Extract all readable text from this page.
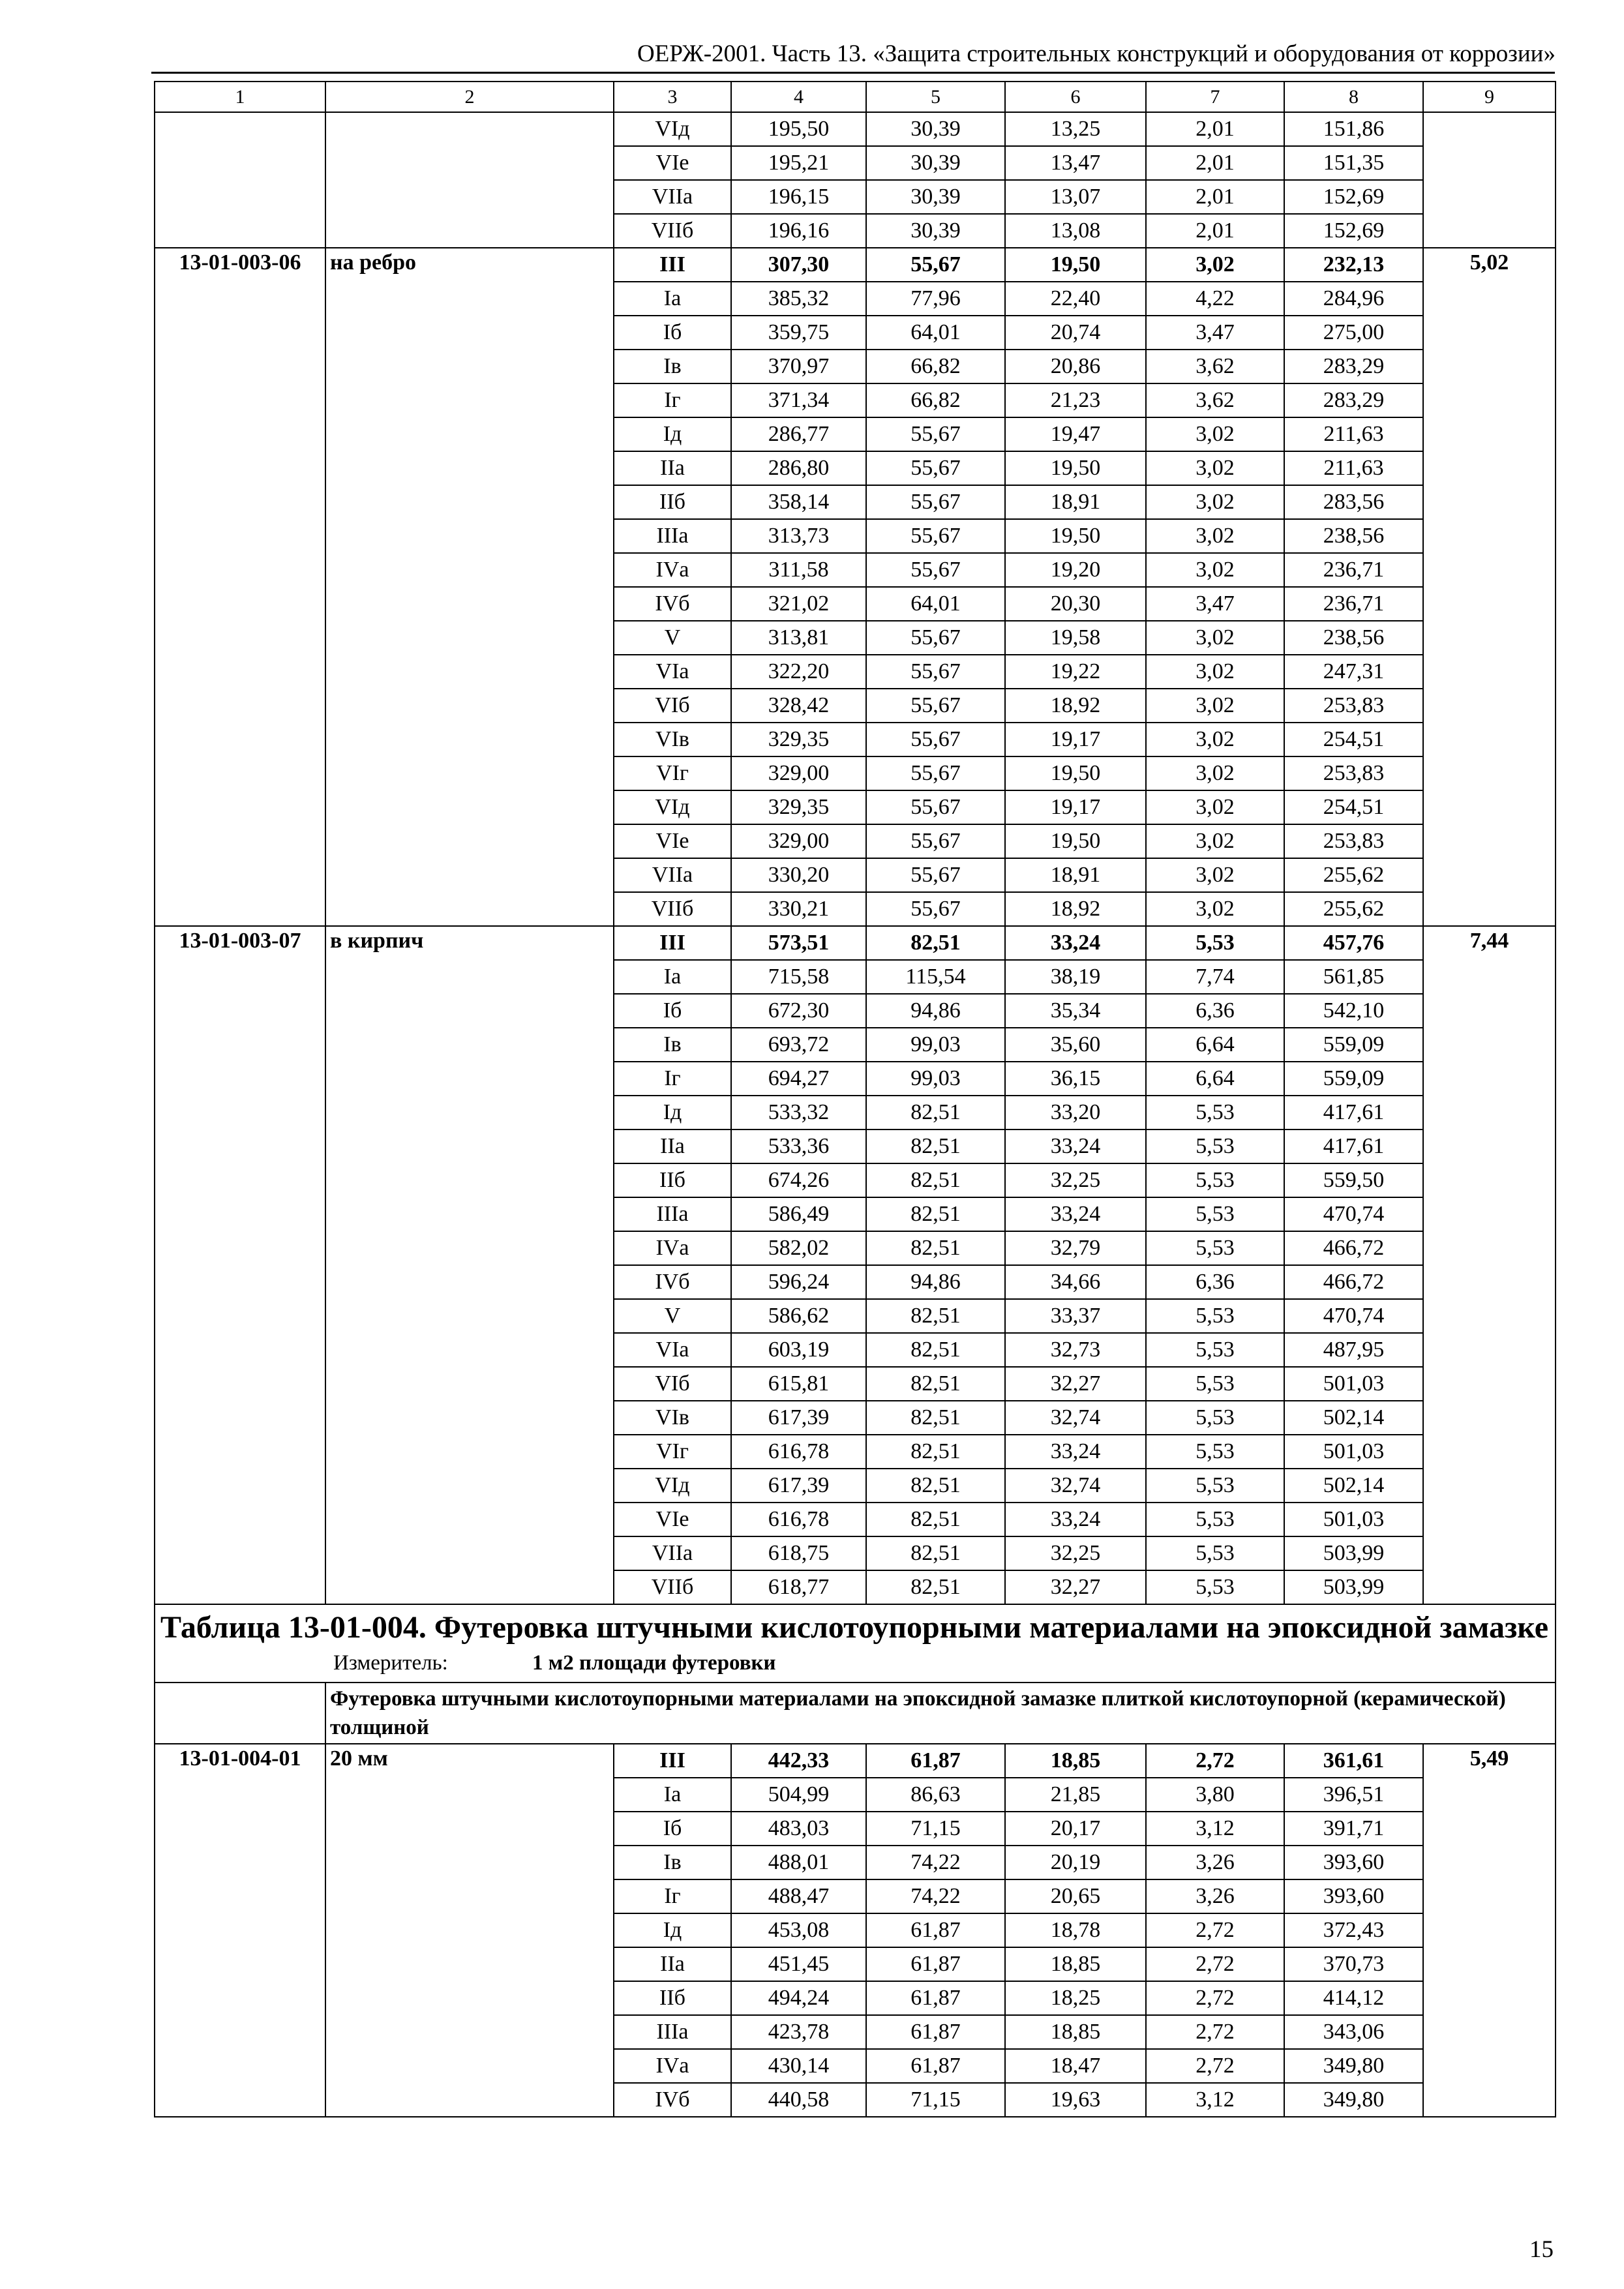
ОЕРЖ-2001. Часть 13. «Защита строительных конструкций и оборудования от коррозии»
1	2	3	4	5	6	7	8	9
		VIд	195,50	30,39	13,25	2,01	151,86	
		VIе	195,21	30,39	13,47	2,01	151,35	
		VIIа	196,15	30,39	13,07	2,01	152,69	
		VIIб	196,16	30,39	13,08	2,01	152,69	
13-01-003-06	на ребро	III	307,30	55,67	19,50	3,02	232,13	5,02
		Iа	385,32	77,96	22,40	4,22	284,96	
		Iб	359,75	64,01	20,74	3,47	275,00	
		Iв	370,97	66,82	20,86	3,62	283,29	
		Iг	371,34	66,82	21,23	3,62	283,29	
		Iд	286,77	55,67	19,47	3,02	211,63	
		IIа	286,80	55,67	19,50	3,02	211,63	
		IIб	358,14	55,67	18,91	3,02	283,56	
		IIIа	313,73	55,67	19,50	3,02	238,56	
		IVа	311,58	55,67	19,20	3,02	236,71	
		IVб	321,02	64,01	20,30	3,47	236,71	
		V	313,81	55,67	19,58	3,02	238,56	
		VIа	322,20	55,67	19,22	3,02	247,31	
		VIб	328,42	55,67	18,92	3,02	253,83	
		VIв	329,35	55,67	19,17	3,02	254,51	
		VIг	329,00	55,67	19,50	3,02	253,83	
		VIд	329,35	55,67	19,17	3,02	254,51	
		VIе	329,00	55,67	19,50	3,02	253,83	
		VIIа	330,20	55,67	18,91	3,02	255,62	
		VIIб	330,21	55,67	18,92	3,02	255,62	
13-01-003-07	в кирпич	III	573,51	82,51	33,24	5,53	457,76	7,44
		Iа	715,58	115,54	38,19	7,74	561,85	
		Iб	672,30	94,86	35,34	6,36	542,10	
		Iв	693,72	99,03	35,60	6,64	559,09	
		Iг	694,27	99,03	36,15	6,64	559,09	
		Iд	533,32	82,51	33,20	5,53	417,61	
		IIа	533,36	82,51	33,24	5,53	417,61	
		IIб	674,26	82,51	32,25	5,53	559,50	
		IIIа	586,49	82,51	33,24	5,53	470,74	
		IVа	582,02	82,51	32,79	5,53	466,72	
		IVб	596,24	94,86	34,66	6,36	466,72	
		V	586,62	82,51	33,37	5,53	470,74	
		VIа	603,19	82,51	32,73	5,53	487,95	
		VIб	615,81	82,51	32,27	5,53	501,03	
		VIв	617,39	82,51	32,74	5,53	502,14	
		VIг	616,78	82,51	33,24	5,53	501,03	
		VIд	617,39	82,51	32,74	5,53	502,14	
		VIе	616,78	82,51	33,24	5,53	501,03	
		VIIа	618,75	82,51	32,25	5,53	503,99	
		VIIб	618,77	82,51	32,27	5,53	503,99	

Таблица 13-01-004. Футеровка штучными кислотоупорными материалами на эпоксидной замазке
Измеритель: 1 м2 площади футеровки								

	Футеровка штучными кислотоупорными материалами на эпоксидной замазке плиткой кислотоупорной (керамической) толщиной							

13-01-004-01	20 мм	III	442,33	61,87	18,85	2,72	361,61	5,49
		Iа	504,99	86,63	21,85	3,80	396,51	
		Iб	483,03	71,15	20,17	3,12	391,71	
		Iв	488,01	74,22	20,19	3,26	393,60	
		Iг	488,47	74,22	20,65	3,26	393,60	
		Iд	453,08	61,87	18,78	2,72	372,43	
		IIа	451,45	61,87	18,85	2,72	370,73	
		IIб	494,24	61,87	18,25	2,72	414,12	
		IIIа	423,78	61,87	18,85	2,72	343,06	
		IVа	430,14	61,87	18,47	2,72	349,80	
		IVб	440,58	71,15	19,63	3,12	349,80	
15
